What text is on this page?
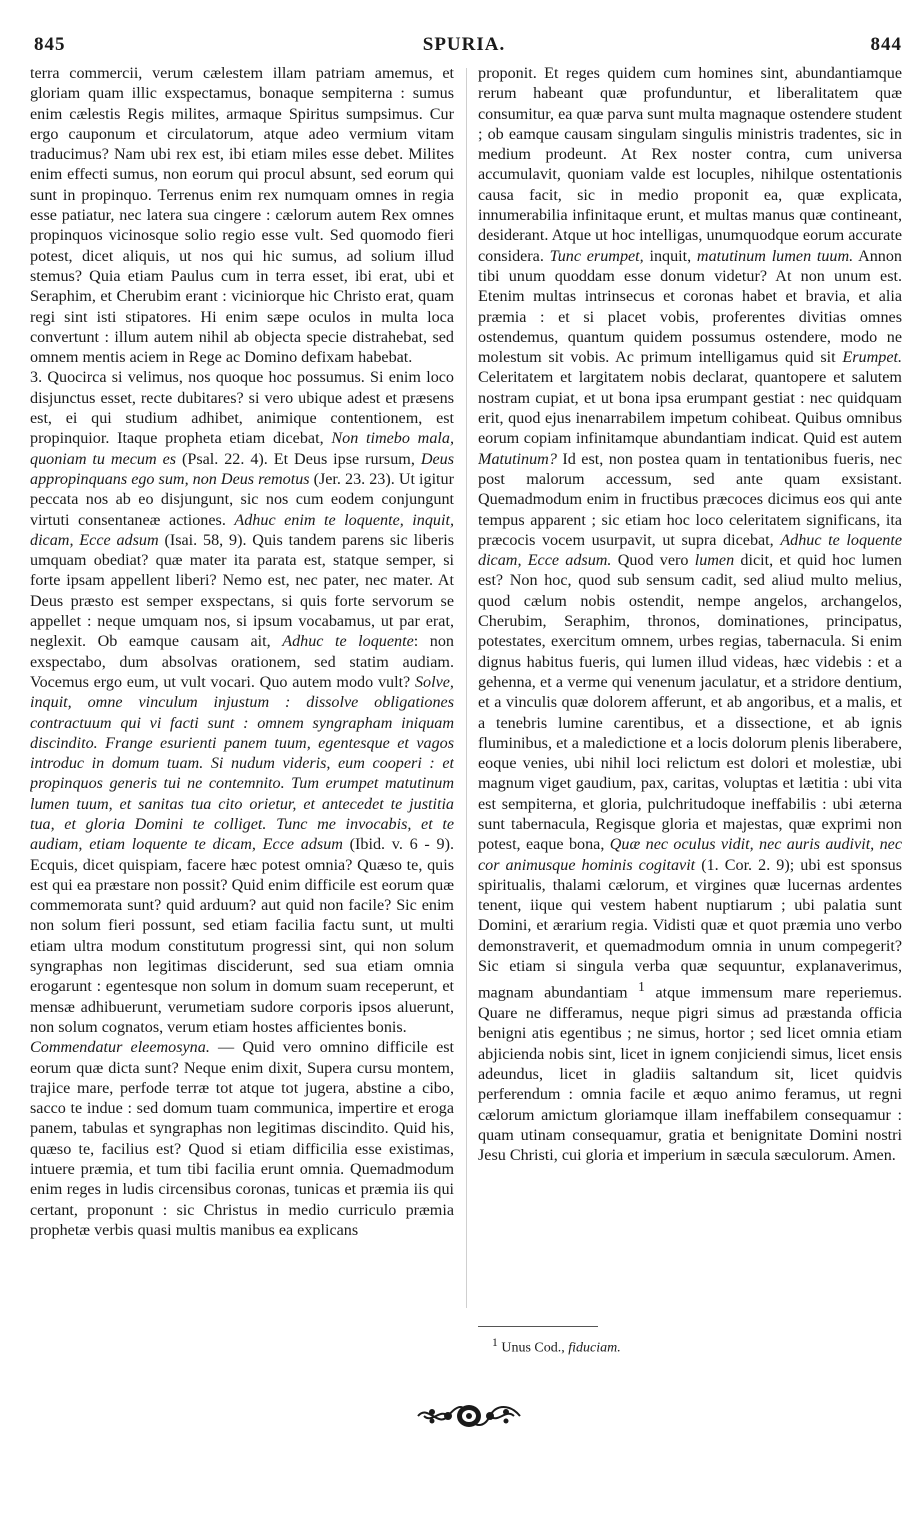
845	SPURIA.	844

terra commercii, verum cælestem illam patriam amemus, et gloriam quam illic exspectamus, bonaque sempiterna : sumus enim cælestis Regis milites, armaque Spiritus sumpsimus. Cur ergo cauponum et circulatorum, atque adeo vermium vitam traducimus? Nam ubi rex est, ibi etiam miles esse debet. Milites enim effecti sumus, non eorum qui procul absunt, sed eorum qui sunt in propinquo. Terrenus enim rex numquam omnes in regia esse patiatur, nec latera sua cingere : cælorum autem Rex omnes propinquos vicinosque solio regio esse vult. Sed quomodo fieri potest, dicet aliquis, ut nos qui hic sumus, ad solium illud stemus? Quia etiam Paulus cum in terra esset, ibi erat, ubi et Seraphim, et Cherubim erant : viciniorque hic Christo erat, quam regi sint isti stipatores. Hi enim sæpe oculos in multa loca convertunt : illum autem nihil ab objecta specie distrahebat, sed omnem mentis aciem in Rege ac Domino defixam habebat.

3. Quocirca si velimus, nos quoque hoc possumus. Si enim loco disjunctus esset, recte dubitares? si vero ubique adest et præsens est, ei qui studium adhibet, animique contentionem, est propinquior. Itaque propheta etiam dicebat, Non timebo mala, quoniam tu mecum es (Psal. 22. 4). Et Deus ipse rursum, Deus appropinquans ego sum, non Deus remotus (Jer. 23. 23). Ut igitur peccata nos ab eo disjungunt, sic nos cum eodem conjungunt virtuti consentaneæ actiones. Adhuc enim te loquente, inquit, dicam, Ecce adsum (Isai. 58, 9). Quis tandem parens sic liberis umquam obediat? quæ mater ita parata est, statque semper, si forte ipsam appellent liberi? Nemo est, nec pater, nec mater. At Deus præsto est semper exspectans, si quis forte servorum se appellet : neque umquam nos, si ipsum vocabamus, ut par erat, neglexit. Ob eamque causam ait, Adhuc te loquente: non exspectabo, dum absolvas orationem, sed statim audiam. Vocemus ergo eum, ut vult vocari. Quo autem modo vult? Solve, inquit, omne vinculum injustum : dissolve obligationes contractuum qui vi facti sunt : omnem syngrapham iniquam discindito. Frange esurienti panem tuum, egentesque et vagos introduc in domum tuam. Si nudum videris, eum cooperi : et propinquos generis tui ne contemnito. Tum erumpet matutinum lumen tuum, et sanitas tua cito orietur, et antecedet te justitia tua, et gloria Domini te colliget. Tunc me invocabis, et te audiam, etiam loquente te dicam, Ecce adsum (Ibid. v. 6 - 9). Ecquis, dicet quispiam, facere hæc potest omnia? Quæso te, quis est qui ea præstare non possit? Quid enim difficile est eorum quæ commemorata sunt? quid arduum? aut quid non facile? Sic enim non solum fieri possunt, sed etiam facilia factu sunt, ut multi etiam ultra modum constitutum progressi sint, qui non solum syngraphas non legitimas disciderunt, sed sua etiam omnia erogarunt : egentesque non solum in domum suam receperunt, et mensæ adhibuerunt, verumetiam sudore corporis ipsos aluerunt, non solum cognatos, verum etiam hostes afficientes bonis.

Commendatur eleemosyna. — Quid vero omnino difficile est eorum quæ dicta sunt? Neque enim dixit, Supera cursu montem, trajice mare, perfode terræ tot atque tot jugera, abstine a cibo, sacco te indue : sed domum tuam communica, impertire et eroga panem, tabulas et syngraphas non legitimas discindito. Quid his, quæso te, facilius est? Quod si etiam difficilia esse existimas, intuere præmia, et tum tibi facilia erunt omnia. Quemadmodum enim reges in ludis circensibus coronas, tunicas et præmia iis qui certant, proponunt : sic Christus in medio curriculo præmia prophetæ verbis quasi multis manibus ea explicans

proponit. Et reges quidem cum homines sint, abundantiamque rerum habeant quæ profunduntur, et liberalitatem quæ consumitur, ea quæ parva sunt multa magnaque ostendere student ; ob eamque causam singulam singulis ministris tradentes, sic in medium prodeunt. At Rex noster contra, cum universa accumulavit, quoniam valde est locuples, nihilque ostentationis causa facit, sic in medio proponit ea, quæ explicata, innumerabilia infinitaque erunt, et multas manus quæ contineant, desiderant. Atque ut hoc intelligas, unumquodque eorum accurate considera. Tunc erumpet, inquit, matutinum lumen tuum. Annon tibi unum quoddam esse donum videtur? At non unum est. Etenim multas intrinsecus et coronas habet et bravia, et alia præmia : et si placet vobis, proferentes divitias omnes ostendemus, quantum quidem possumus ostendere, modo ne molestum sit vobis. Ac primum intelligamus quid sit Erumpet. Celeritatem et largitatem nobis declarat, quantopere et salutem nostram cupiat, et ut bona ipsa erumpant gestiat : nec quidquam erit, quod ejus inenarrabilem impetum cohibeat. Quibus omnibus eorum copiam infinitamque abundantiam indicat. Quid est autem Matutinum? Id est, non postea quam in tentationibus fueris, nec post malorum accessum, sed ante quam exsistant. Quemadmodum enim in fructibus præcoces dicimus eos qui ante tempus apparent ; sic etiam hoc loco celeritatem significans, ita præcocis vocem usurpavit, ut supra dicebat, Adhuc te loquente dicam, Ecce adsum. Quod vero lumen dicit, et quid hoc lumen est? Non hoc, quod sub sensum cadit, sed aliud multo melius, quod cælum nobis ostendit, nempe angelos, archangelos, Cherubim, Seraphim, thronos, dominationes, principatus, potestates, exercitum omnem, urbes regias, tabernacula. Si enim dignus habitus fueris, qui lumen illud videas, hæc videbis : et a gehenna, et a verme qui venenum jaculatur, et a stridore dentium, et a vinculis quæ dolorem afferunt, et ab angoribus, et a malis, et a tenebris lumine carentibus, et a dissectione, et ab ignis fluminibus, et a maledictione et a locis dolorum plenis liberabere, eoque venies, ubi nihil loci relictum est dolori et molestiæ, ubi magnum viget gaudium, pax, caritas, voluptas et lætitia : ubi vita est sempiterna, et gloria, pulchritudoque ineffabilis : ubi æterna sunt tabernacula, Regisque gloria et majestas, quæ exprimi non potest, eaque bona, Quæ nec oculus vidit, nec auris audivit, nec cor animusque hominis cogitavit (1. Cor. 2. 9); ubi est sponsus spiritualis, thalami cælorum, et virgines quæ lucernas ardentes tenent, iique qui vestem habent nuptiarum ; ubi palatia sunt Domini, et ærarium regia. Vidisti quæ et quot præmia uno verbo demonstraverit, et quemadmodum omnia in unum compegerit? Sic etiam si singula verba quæ sequuntur, explanaverimus, magnam abundantiam $^1$ atque immensum mare reperiemus. Quare ne differamus, neque pigri simus ad præstanda officia benigni atis egentibus ; ne simus, hortor ; sed licet omnia etiam abjicienda nobis sint, licet in ignem conjiciendi simus, licet ensis adeundus, licet in gladiis saltandum sit, licet quidvis perferendum : omnia facile et æquo animo feramus, ut regni cælorum amictum gloriamque illam ineffabilem consequamur : quam utinam consequamur, gratia et benignitate Domini nostri Jesu Christi, cui gloria et imperium in sæcula sæculorum. Amen.

$^1$ Unus Cod., fiduciam.
